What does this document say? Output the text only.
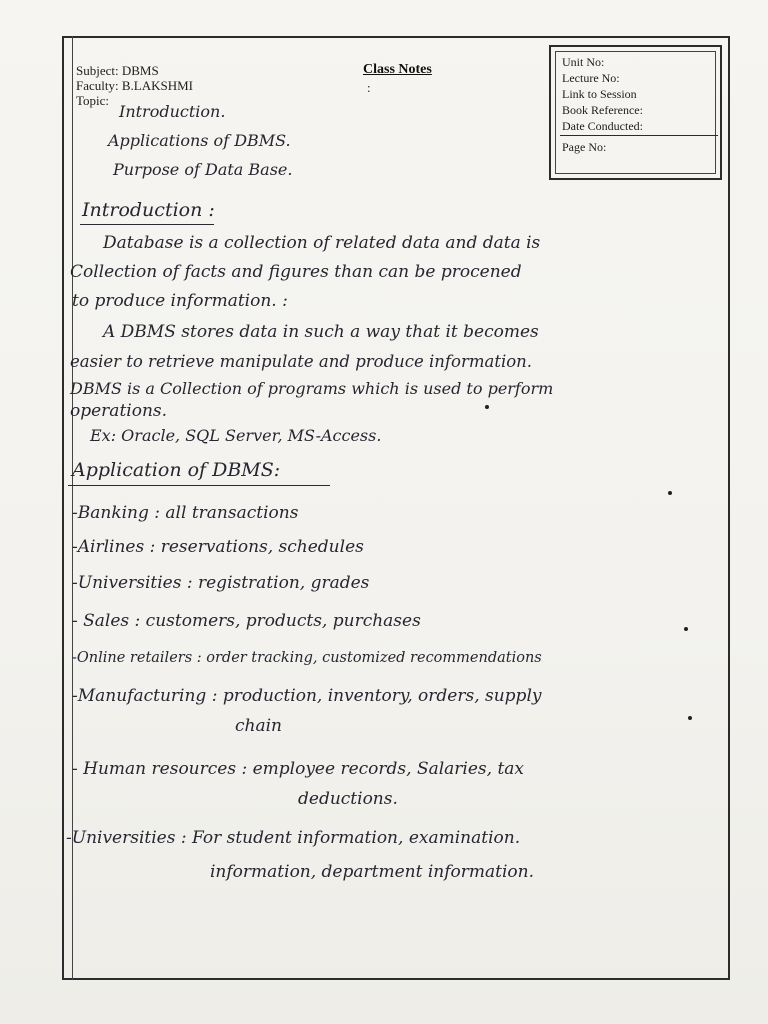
Subject: DBMS
Faculty: B.LAKSHMI
Topic:
Introduction.
Applications of DBMS.
Purpose of Data Base.
Class Notes
:
Unit No:
Lecture No:
Link to Session
Book Reference:
Date Conducted:
Page No:
Introduction :
Database is a collection of related data and data is
Collection of facts and figures than can be procened
to produce information. :
A DBMS stores data in such a way that it becomes
easier to retrieve manipulate and produce information.
DBMS is a Collection of programs which is used to perform
operations.
Ex: Oracle, SQL Server, MS-Access.
Application of DBMS:
-Banking : all transactions
-Airlines : reservations, schedules
-Universities : registration, grades
- Sales : customers, products, purchases
-Online retailers : order tracking, customized recommendations
-Manufacturing : production, inventory, orders, supply
chain
- Human resources : employee records, Salaries, tax
deductions.
-Universities : For student information, examination.
information, department information.
